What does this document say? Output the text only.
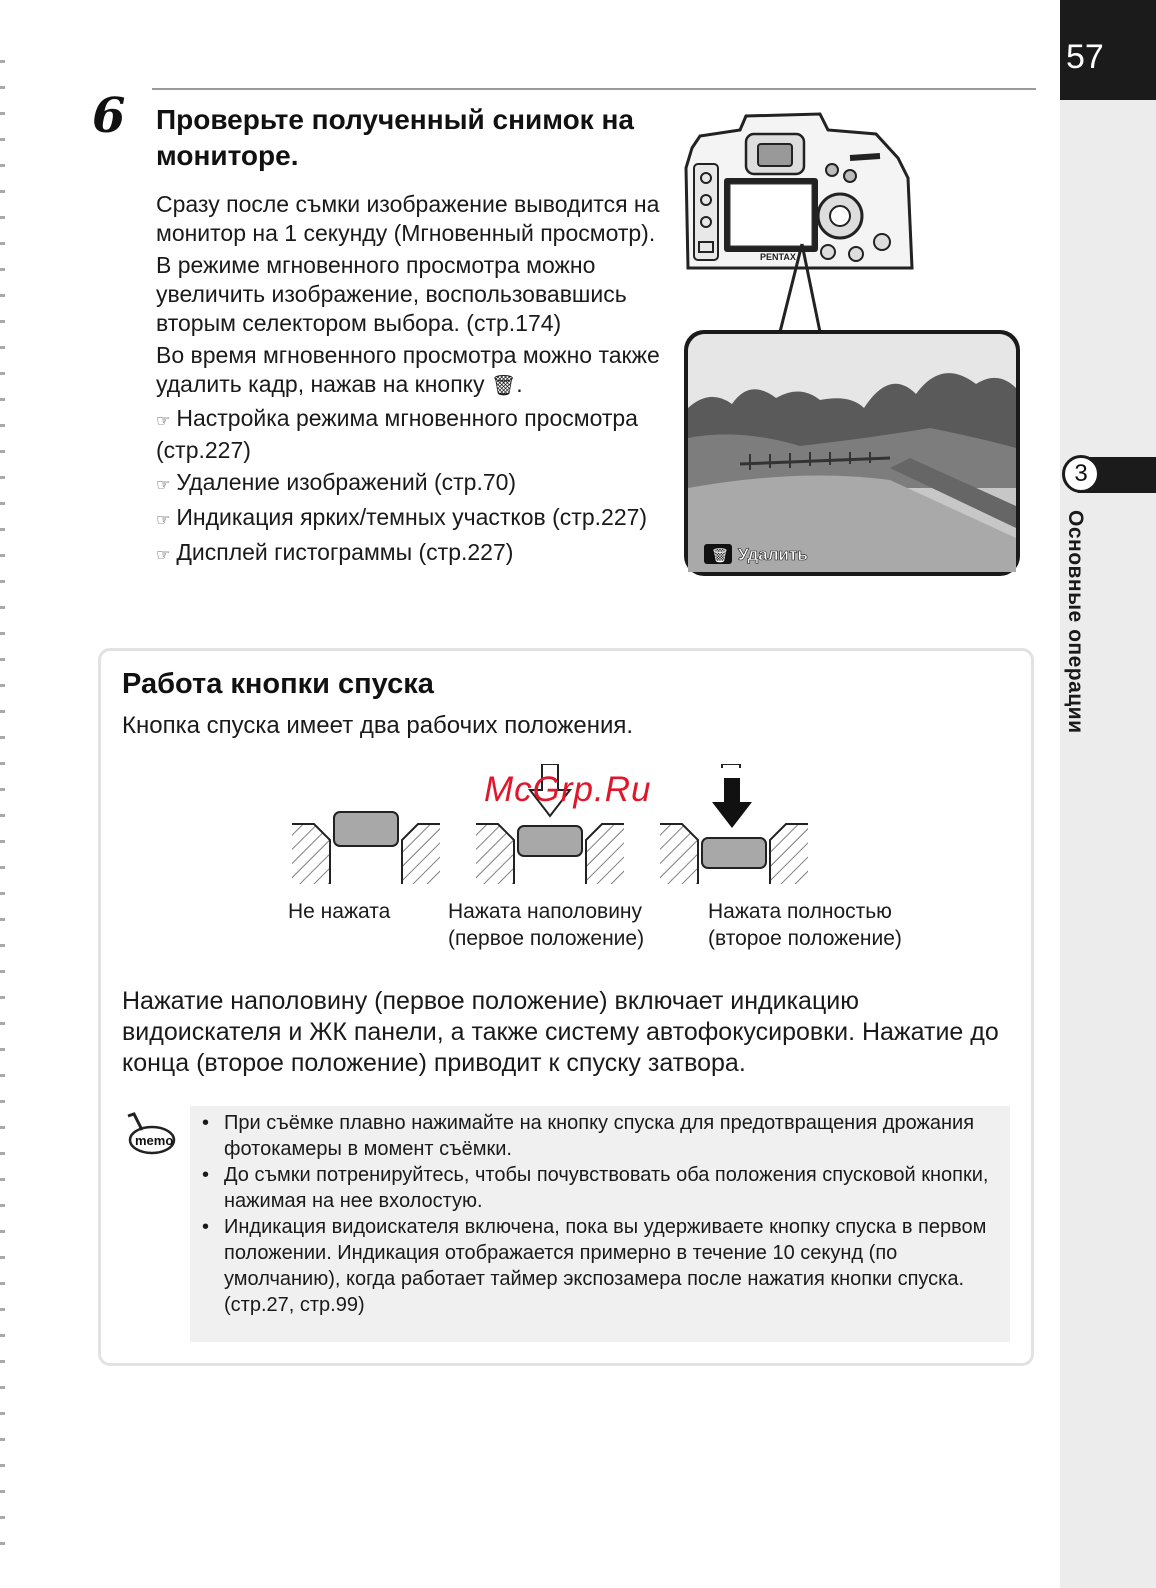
57
3
Основные операции
6 Проверьте полученный снимок на мониторе.

Сразу после съмки изображение выводится на монитор на 1 секунду (Мгновенный просмотр).

В режиме мгновенного просмотра можно увеличить изображение, воспользовавшись вторым селектором выбора. (стр.174)

Во время мгновенного просмотра можно также удалить кадр, нажав на кнопку 🗑.

☞ Настройка режима мгновенного просмотра (стр.227)
☞ Удаление изображений (стр.70)
☞ Индикация ярких/темных участков (стр.227)
☞ Дисплей гистограммы (стр.227)
PENTAX
🗑 Удалить
Работа кнопки спуска
Кнопка спуска имеет два рабочих положения.
McGrp.Ru
Не нажата	Нажата наполовину
(первое положение)
Нажата полностью
(второе положение)
Нажатие наполовину (первое положение) включает индикацию видоискателя и ЖК панели, а также систему автофокусировки. Нажатие до конца (второе положение) приводит к спуску затвора.
memo
• При съёмке плавно нажимайте на кнопку спуска для предотвращения дрожания фотокамеры в момент съёмки.
• До съмки потренируйтесь, чтобы почувствовать оба положения спусковой кнопки, нажимая на нее вхолостую.
• Индикация видоискателя включена, пока вы удерживаете кнопку спуска в первом положении. Индикация отображается примерно в течение 10 секунд (по умолчанию), когда работает таймер экспозамера после нажатия кнопки спуска. (стр.27, стр.99)
